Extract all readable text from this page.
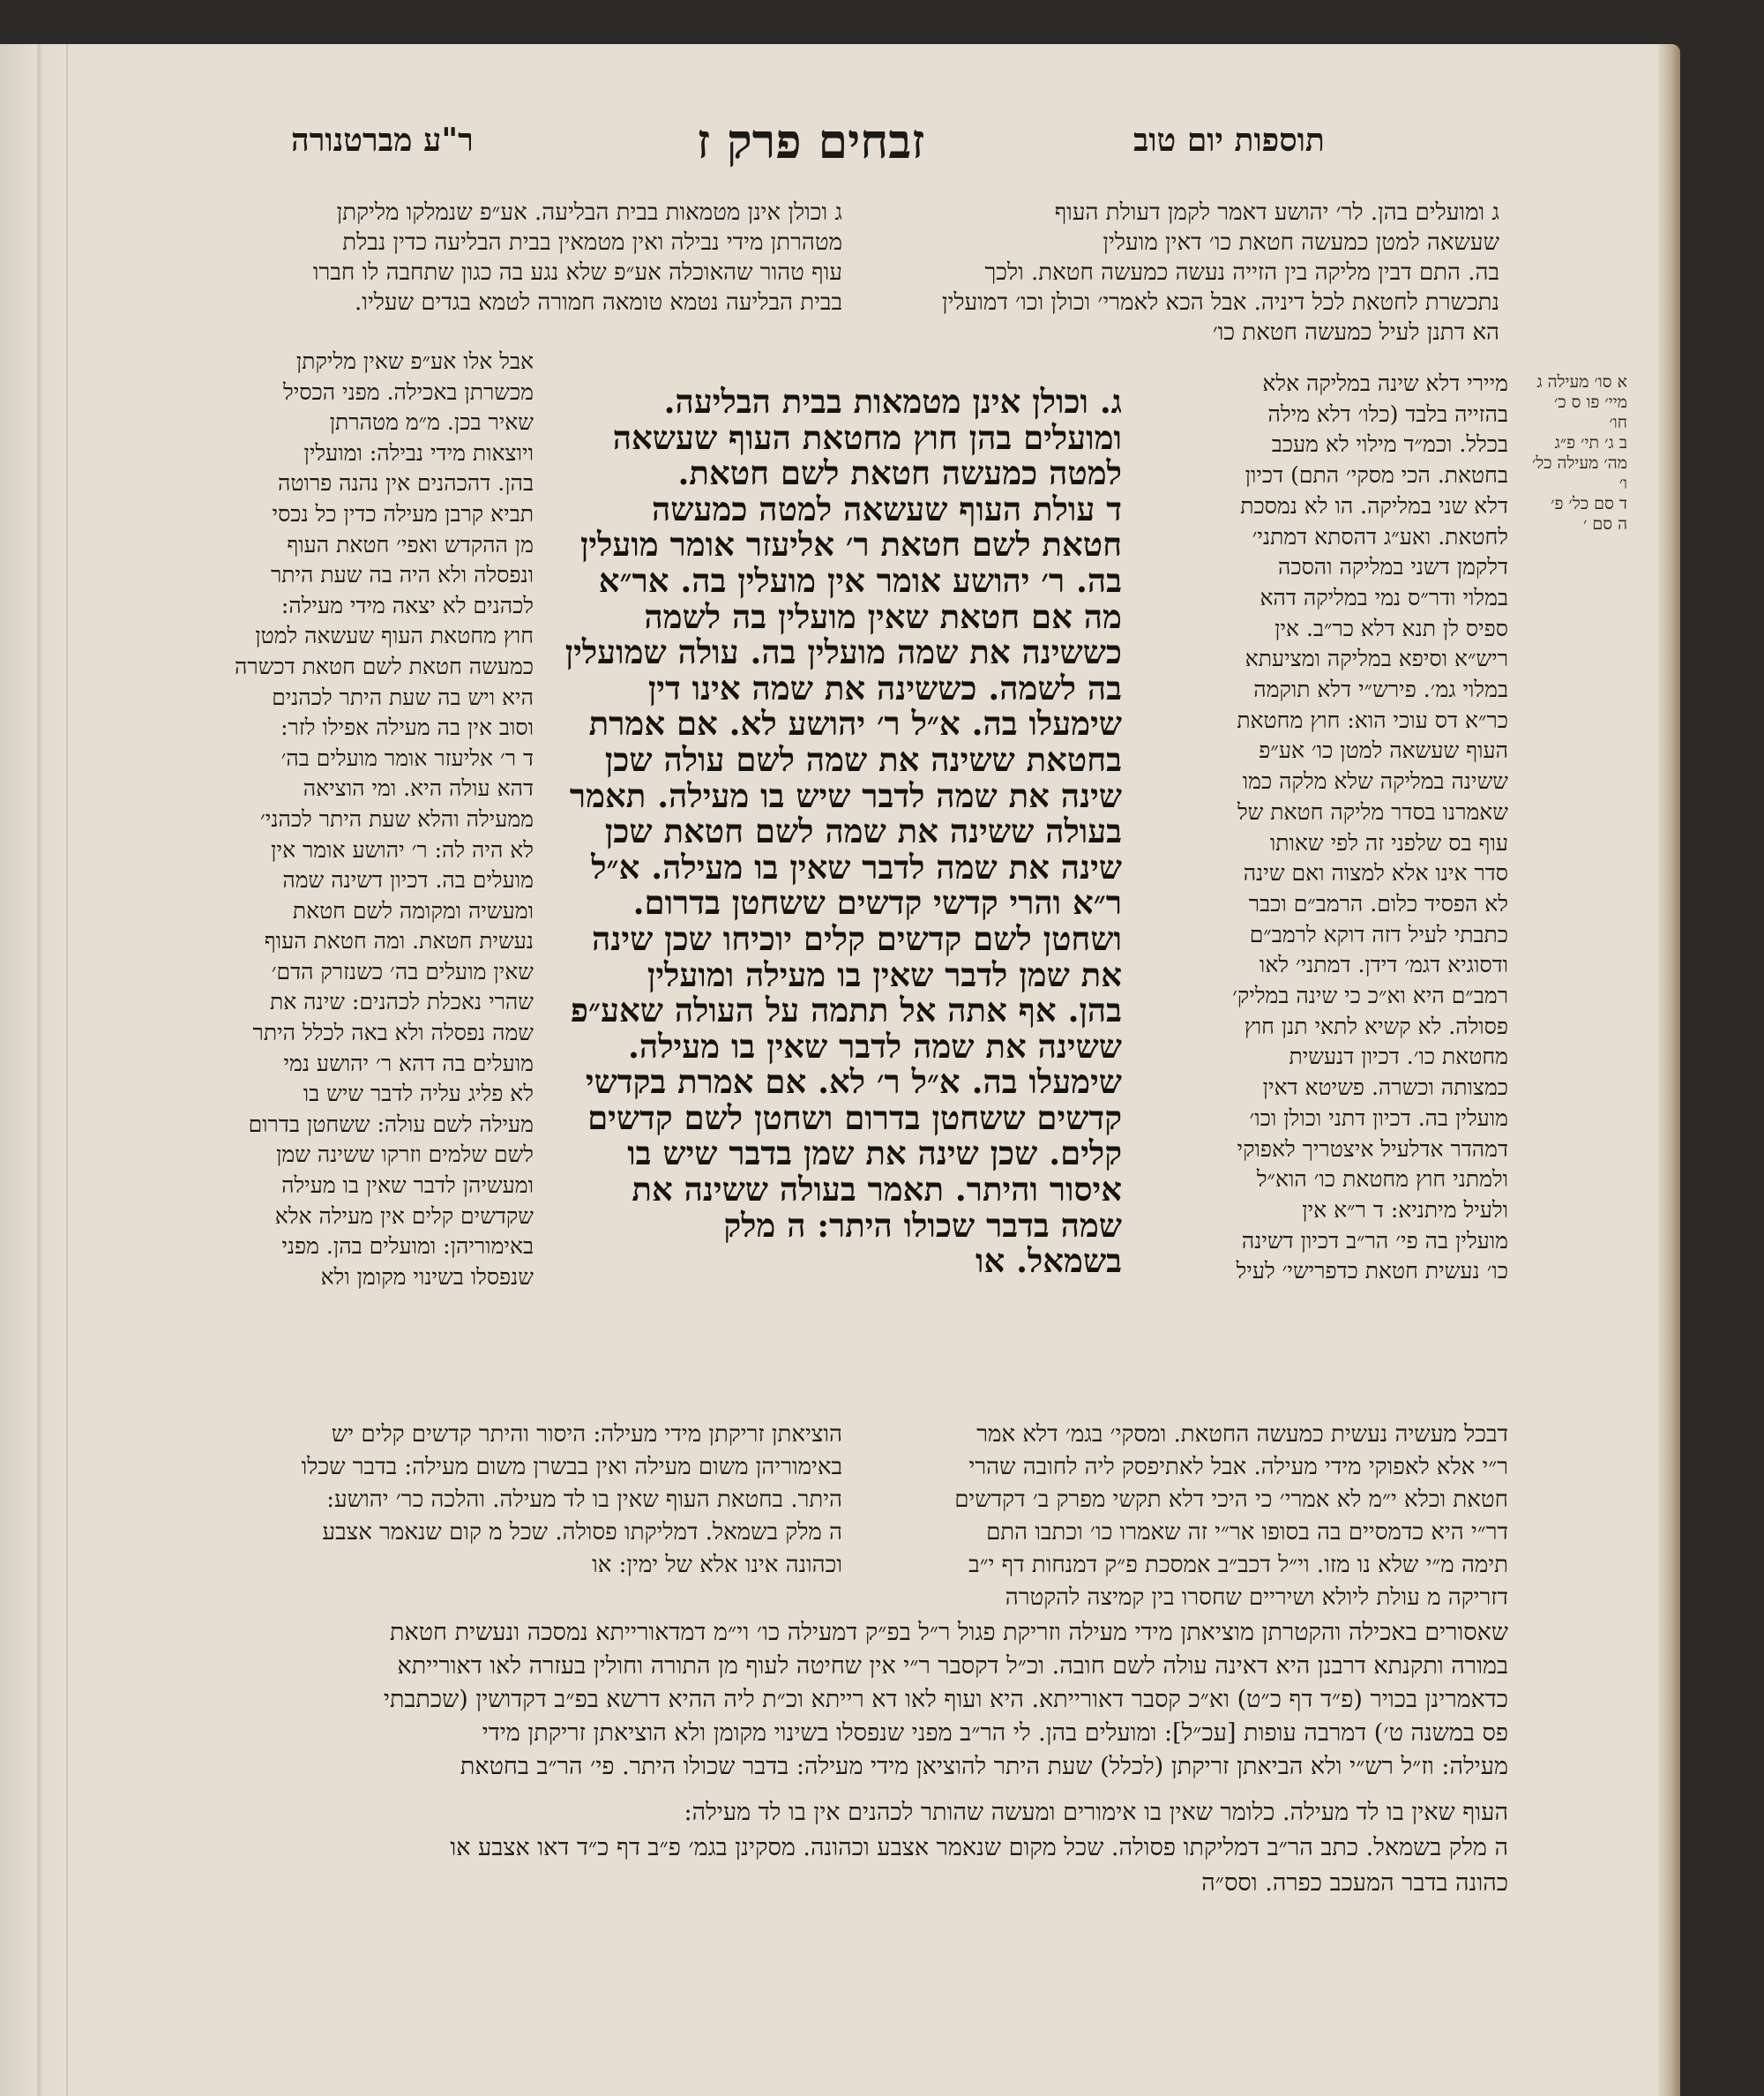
ר"ע מברטנורה	זבחים פרק ז	תוספות יום טוב

ג וכולן אינן מטמאות בבית הבליעה. אע״פ שנמלקו מליקתן

מטהרתן מידי נבילה ואין מטמאין בבית הבליעה כדין נבלת

עוף טהור שהאוכלה אע״פ שלא נגע בה כגון שתחבה לו חברו

בבית הבליעה נטמא טומאה חמורה לטמא בגדים שעליו.

ג ומועלים בהן. לר׳ יהושע דאמר לקמן דעולת העוף

שעשאה למטן כמעשה חטאת כו׳ דאין מועלין

בה. התם דבין מליקה בין הזייה נעשה כמעשה חטאת. ולכך

נתכשרת לחטאת לכל דיניה. אבל הכא לאמרי׳ וכולן וכו׳ דמועלין

הא דתנן לעיל כמעשה חטאת כו׳

אבל אלו אע״פ שאין מליקתן

מכשרתן באכילה. מפני הכסיל

שאיר בכן. מ״מ מטהרתן

ויוצאות מידי נבילה: ומועלין

בהן. דהכהנים אין נהנה פרוטה

תביא קרבן מעילה כדין כל נכסי

מן ההקדש ואפי׳ חטאת העוף

ונפסלה ולא היה בה שעת היתר

לכהנים לא יצאה מידי מעילה:

חוץ מחטאת העוף שעשאה למטן

כמעשה חטאת לשם חטאת דכשרה

היא ויש בה שעת היתר לכהנים

וסוב אין בה מעילה אפילו לזר:

ד ר׳ אליעזר אומר מועלים בה׳

דהא עולה היא. ומי הוציאה

ממעילה והלא שעת היתר לכהני׳

לא היה לה: ר׳ יהושע אומר אין

מועלים בה. דכיון דשינה שמה

ומעשיה ומקומה לשם חטאת

נעשית חטאת. ומה חטאת העוף

שאין מועלים בה׳ כשנזרק הדם׳

שהרי נאכלת לכהנים: שינה את

שמה נפסלה ולא באה לכלל היתר

מועלים בה דהא ר׳ יהושע נמי

לא פליג עליה לדבר שיש בו

מעילה לשם עולה: ששחטן בדרום

לשם שלמים וזרקו ששינה שמן

ומעשיהן לדבר שאין בו מעילה

שקדשים קלים אין מעילה אלא

באימוריהן: ומועלים בהן. מפני

שנפסלו בשינוי מקומן ולא

ג. וכולן אינן מטמאות בבית הבליעה.

ומועלים בהן חוץ מחטאת העוף שעשאה

למטה כמעשה חטאת לשם חטאת.

ד עולת העוף שעשאה למטה כמעשה

חטאת לשם חטאת ר׳ אליעזר אומר מועלין

בה. ר׳ יהושע אומר אין מועלין בה. אר״א

מה אם חטאת שאין מועלין בה לשמה

כששינה את שמה מועלין בה. עולה שמועלין

בה לשמה. כששינה את שמה אינו דין

שימעלו בה. א״ל ר׳ יהושע לא. אם אמרת

בחטאת ששינה את שמה לשם עולה שכן

שינה את שמה לדבר שיש בו מעילה. תאמר

בעולה ששינה את שמה לשם חטאת שכן

שינה את שמה לדבר שאין בו מעילה. א״ל

ר״א והרי קדשי קדשים ששחטן בדרום.

ושחטן לשם קדשים קלים יוכיחו שכן שינה

את שמן לדבר שאין בו מעילה ומועלין

בהן. אף אתה אל תתמה על העולה שאע״פ

ששינה את שמה לדבר שאין בו מעילה.

שימעלו בה. א״ל ר׳ לא. אם אמרת בקדשי

קדשים ששחטן בדרום ושחטן לשם קדשים

קלים. שכן שינה את שמן בדבר שיש בו

איסור והיתר. תאמר בעולה ששינה את

שמה בדבר שכולו היתר: ה מלק

בשמאל. או

מיירי דלא שינה במליקה אלא

בהזייה בלבד (כלו׳ דלא מילה

בכלל. וכמ״ד מילוי לא מעכב

בחטאת. הכי מסקי׳ התם) דכיון

דלא שני במליקה. הו לא נמסכת

לחטאת. ואע״ג דהסתא דמתני׳

דלקמן דשני במליקה והסכה

במלוי ודר״ס נמי במליקה דהא

ספיס לן תנא דלא כר״ב. אין

ריש״א וסיפא במליקה ומציעתא

במלוי גמ׳. פירש״י דלא תוקמה

כר״א דס עוכי הוא: חוץ מחטאת

העוף שעשאה למטן כו׳ אע״פ

ששינה במליקה שלא מלקה כמו

שאמרנו בסדר מליקה חטאת של

עוף בס שלפני זה לפי שאותו

סדר אינו אלא למצוה ואם שינה

לא הפסיד כלום. הרמב״ם וכבר

כתבתי לעיל דזה דוקא לרמב״ם

ודסוגיא דגמ׳ דידן. דמתני׳ לאו

רמב״ם היא וא״כ כי שינה במליק׳

פסולה. לא קשיא לתאי תנן חוץ

מחטאת כו׳. דכיון דנעשית

כמצותה וכשרה. פשיטא דאין

מועלין בה. דכיון דתני וכולן וכו׳

דמהדר אדלעיל איצטריך לאפוקי

ולמתני חוץ מחטאת כו׳ הוא״ל

ולעיל מיתניא: ד ר״א אין

מועלין בה פי׳ הר״ב דכיון דשינה

כו׳ נעשית חטאת כדפרישי׳ לעיל

א סו׳ מעילה ג

מיי׳ פו ס כ׳

חו׳

ב ג׳ תי׳ פ״ג

מה׳ מעילה כל׳

ו׳

ד סם כל׳ פ׳

ה סם ׳

הוציאתן זריקתן מידי מעילה: היסור והיתר קדשים קלים יש

באימוריהן משום מעילה ואין בבשרן משום מעילה: בדבר שכלו

היתר. בחטאת העוף שאין בו לד מעילה. והלכה כר׳ יהושע:

ה מלק בשמאל. דמליקתו פסולה. שכל מ קום שנאמר אצבע

וכהונה אינו אלא של ימין: או

דבכל מעשיה נעשית כמעשה החטאת. ומסקי׳ בגמ׳ דלא אמר

ר״י אלא לאפוקי מידי מעילה. אבל לאתיפסק ליה לחובה שהרי

חטאת וכלא י״מ לא אמרי׳ כי היכי דלא תקשי מפרק ב׳ דקדשים

דר״י היא כדמסיים בה בסופו אר״י זה שאמרו כו׳ וכתבו התם

תימה מ״י שלא נו מזו. וי״ל דכב״ב אמסכת פ״ק דמנחות דף י״ב

דזריקה מ עולת ליולא ושיריים שחסרו בין קמיצה להקטרה

שאסורים באכילה והקטרתן מוציאתן מידי מעילה וזריקת פגול ר״ל בפ״ק דמעילה כו׳ וי״מ דמדאורייתא נמסכה ונעשית חטאת

במורה ותקנתא דרבנן היא דאינה עולה לשם חובה. וכ״ל דקסבר ר״י אין שחיטה לעוף מן התורה וחולין בעזרה לאו דאורייתא

כדאמרינן בכויר (פ״ד דף כ״ט) וא״כ קסבר דאורייתא. היא ועוף לאו דא רייתא וכ״ת ליה ההיא דרשא בפ״ב דקדושין (שכתבתי

פס במשנה ט׳) דמרבה עופות [עכ״ל]: ומועלים בהן. לי הר״ב מפני שנפסלו בשינוי מקומן ולא הוציאתן זריקתן מידי

מעילה: וז״ל רש״י ולא הביאתן זריקתן (לכלל) שעת היתר להוציאן מידי מעילה: בדבר שכולו היתר. פי׳ הר״ב בחטאת

העוף שאין בו לד מעילה. כלומר שאין בו אימורים ומעשה שהותר לכהנים אין בו לד מעילה:

ה מלק בשמאל. כתב הר״ב דמליקתו פסולה. שכל מקום שנאמר אצבע וכהונה. מסקינן בגמ׳ פ״ב דף כ״ד דאו אצבע או

כהונה בדבר המעכב כפרה. וסס״ה
